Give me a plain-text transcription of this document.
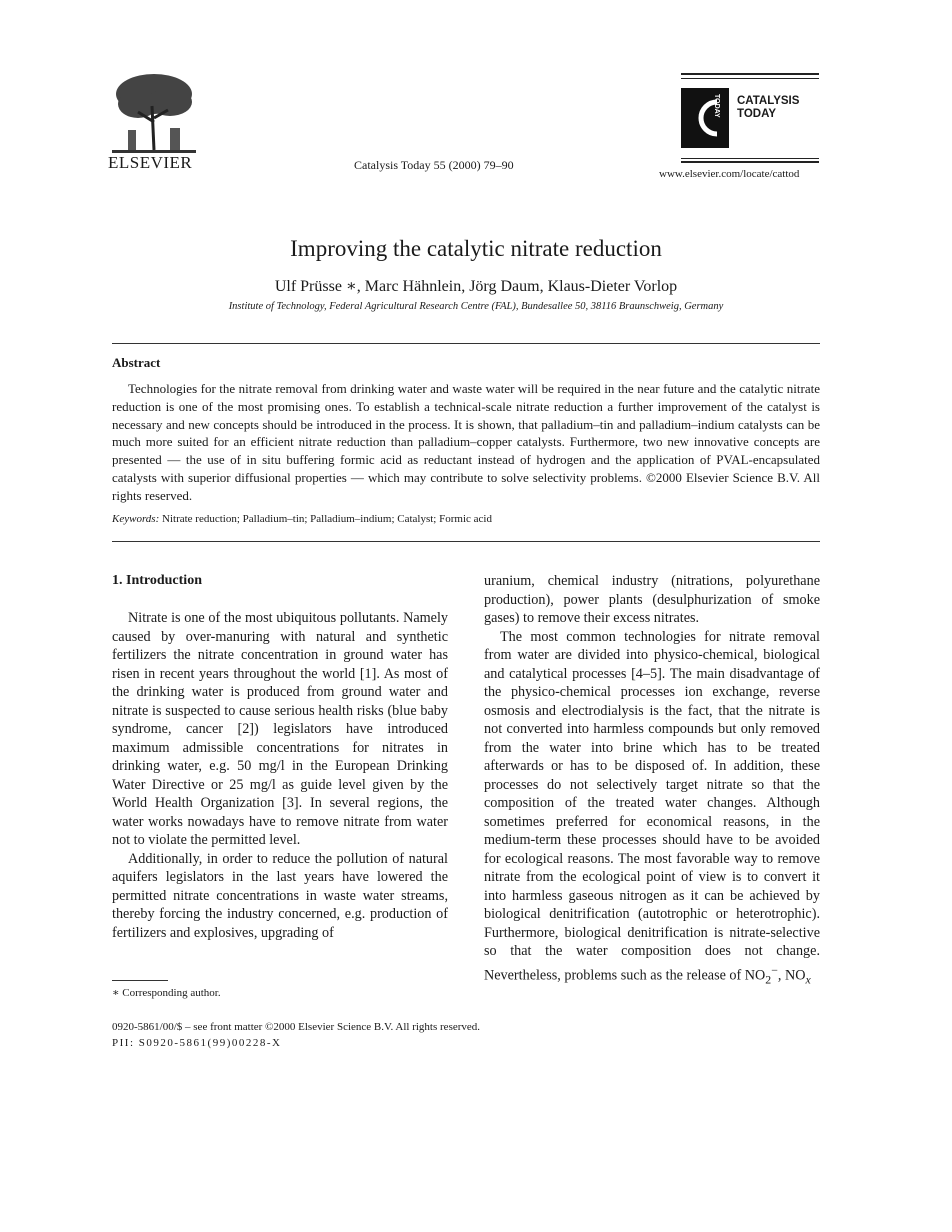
ELSEVIER	Catalysis Today 55 (2000) 79–90
TODAY CATALYSIS
TODAY
www.elsevier.com/locate/cattod
Improving the catalytic nitrate reduction
Ulf Prüsse ∗, Marc Hähnlein, Jörg Daum, Klaus-Dieter Vorlop
Institute of Technology, Federal Agricultural Research Centre (FAL), Bundesallee 50, 38116 Braunschweig, Germany
Abstract

Technologies for the nitrate removal from drinking water and waste water will be required in the near future and the catalytic nitrate reduction is one of the most promising ones. To establish a technical-scale nitrate reduction a further improvement of the catalyst is necessary and new concepts should be introduced in the process. It is shown, that palladium–tin and palladium–indium catalysts can be much more suited for an efficient nitrate reduction than palladium–copper catalysts. Furthermore, two new innovative concepts are presented — the use of in situ buffering formic acid as reductant instead of hydrogen and the application of PVAL-encapsulated catalysts with superior diffusional properties — which may contribute to solve selectivity problems. ©2000 Elsevier Science B.V. All rights reserved.

Keywords: Nitrate reduction; Palladium–tin; Palladium–indium; Catalyst; Formic acid
1. Introduction

Nitrate is one of the most ubiquitous pollutants. Namely caused by over-manuring with natural and synthetic fertilizers the nitrate concentration in ground water has risen in recent years throughout the world [1]. As most of the drinking water is produced from ground water and nitrate is suspected to cause serious health risks (blue baby syndrome, cancer [2]) legislators have introduced maximum admissible concentrations for nitrates in drinking water, e.g. 50 mg/l in the European Drinking Water Directive or 25 mg/l as guide level given by the World Health Organization [3]. In several regions, the water works nowadays have to remove nitrate from water not to violate the permitted level.

Additionally, in order to reduce the pollution of natural aquifers legislators in the last years have lowered the permitted nitrate concentrations in waste water streams, thereby forcing the industry concerned, e.g. production of fertilizers and explosives, upgrading of

uranium, chemical industry (nitrations, polyurethane production), power plants (desulphurization of smoke gases) to remove their excess nitrates.

The most common technologies for nitrate removal from water are divided into physico-chemical, biological and catalytical processes [4–5]. The main disadvantage of the physico-chemical processes ion exchange, reverse osmosis and electrodialysis is the fact, that the nitrate is not converted into harmless compounds but only removed from the water into brine which has to be treated afterwards or has to be disposed of. In addition, these processes do not selectively target nitrate so that the composition of the treated water changes. Although sometimes preferred for economical reasons, in the medium-term these processes should have to be avoided for ecological reasons. The most favorable way to remove nitrate from the ecological point of view is to convert it into harmless gaseous nitrogen as it can be achieved by biological denitrification (autotrophic or heterotrophic). Furthermore, biological denitrification is nitrate-selective so that the water composition does not change. Nevertheless, problems such as the release of $NO_2^-$, $NO_x$

∗ Corresponding author.
0920-5861/00/$ – see front matter ©2000 Elsevier Science B.V. All rights reserved.
PII: S0920-5861(99)00228-X
